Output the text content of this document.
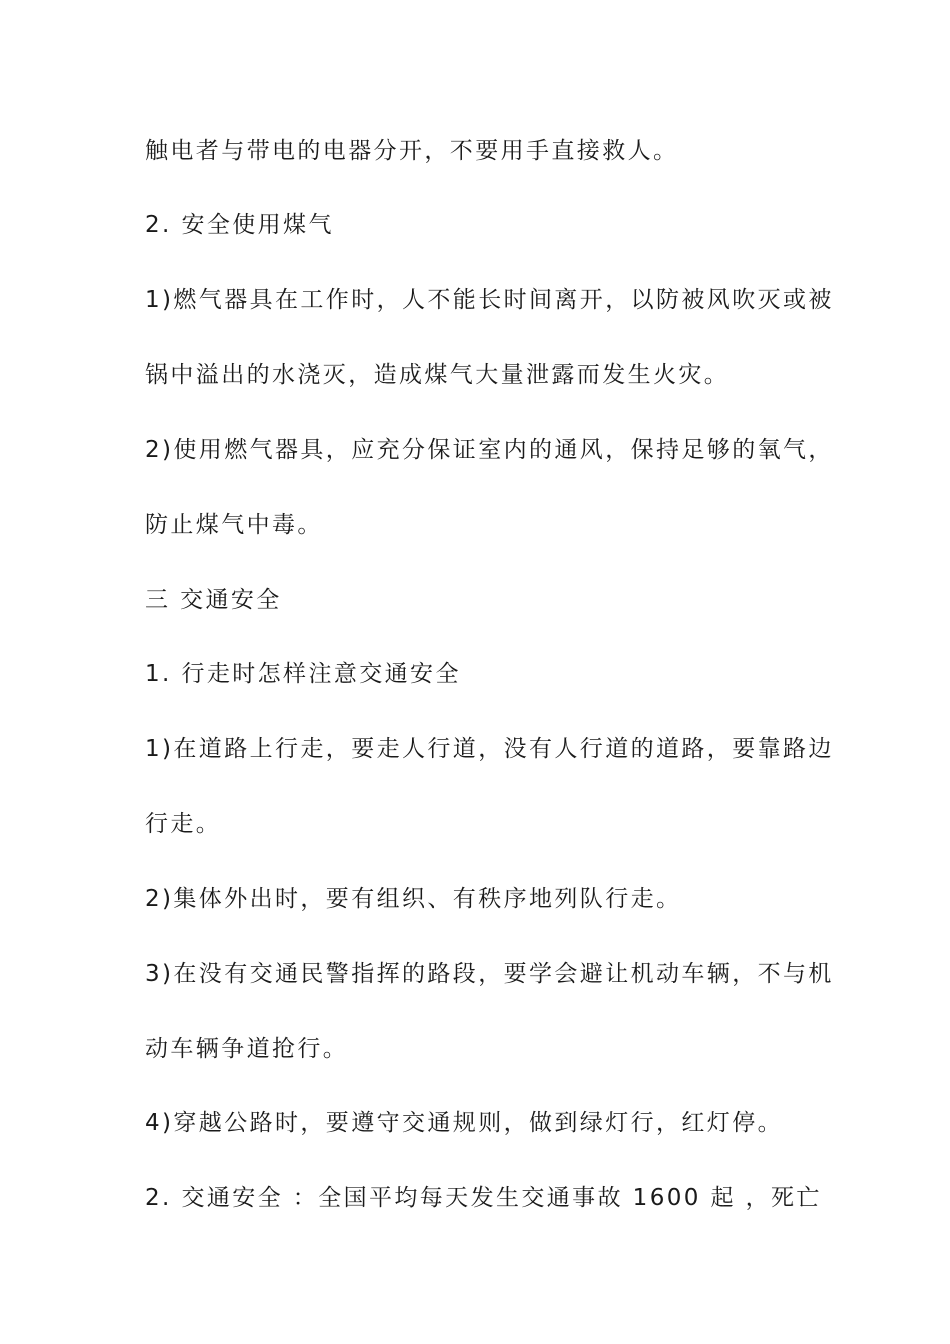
触电者与带电的电器分开，不要用手直接救人。
2. 安全使用煤气
1)燃气器具在工作时，人不能长时间离开，以防被风吹灭或被
锅中溢出的水浇灭，造成煤气大量泄露而发生火灾。
2)使用燃气器具，应充分保证室内的通风，保持足够的氧气，
防止煤气中毒。
三 交通安全
1. 行走时怎样注意交通安全
1)在道路上行走，要走人行道，没有人行道的道路，要靠路边
行走。
2)集体外出时，要有组织、有秩序地列队行走。
3)在没有交通民警指挥的路段，要学会避让机动车辆，不与机
动车辆争道抢行。
4)穿越公路时，要遵守交通规则，做到绿灯行，红灯停。
2. 交通安全 ：全国平均每天发生交通事故 1600 起 ，死亡
